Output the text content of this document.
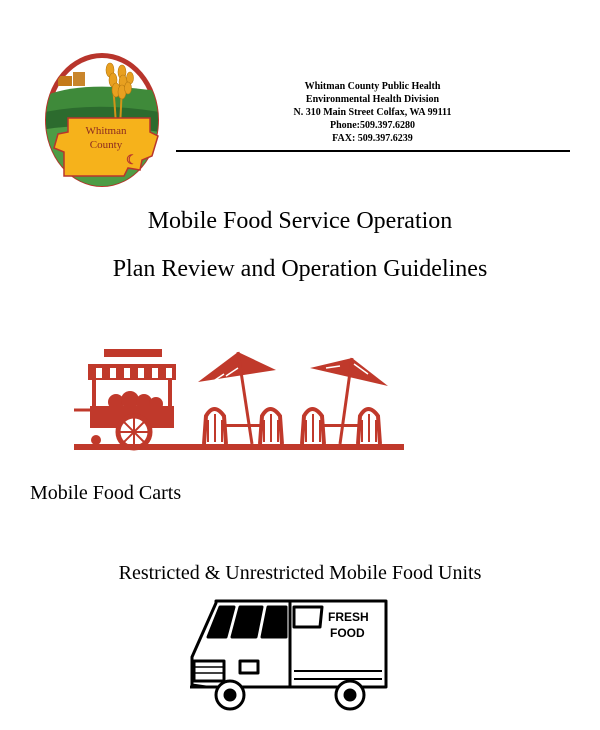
Whitman
County
☾
Whitman County Public Health
Environmental Health Division
N. 310 Main Street Colfax, WA 99111
Phone:509.397.6280
FAX: 509.397.6239
Mobile Food Service Operation
Plan Review and Operation Guidelines
Mobile Food Carts
Restricted & Unrestricted Mobile Food Units
FRESH
FOOD
